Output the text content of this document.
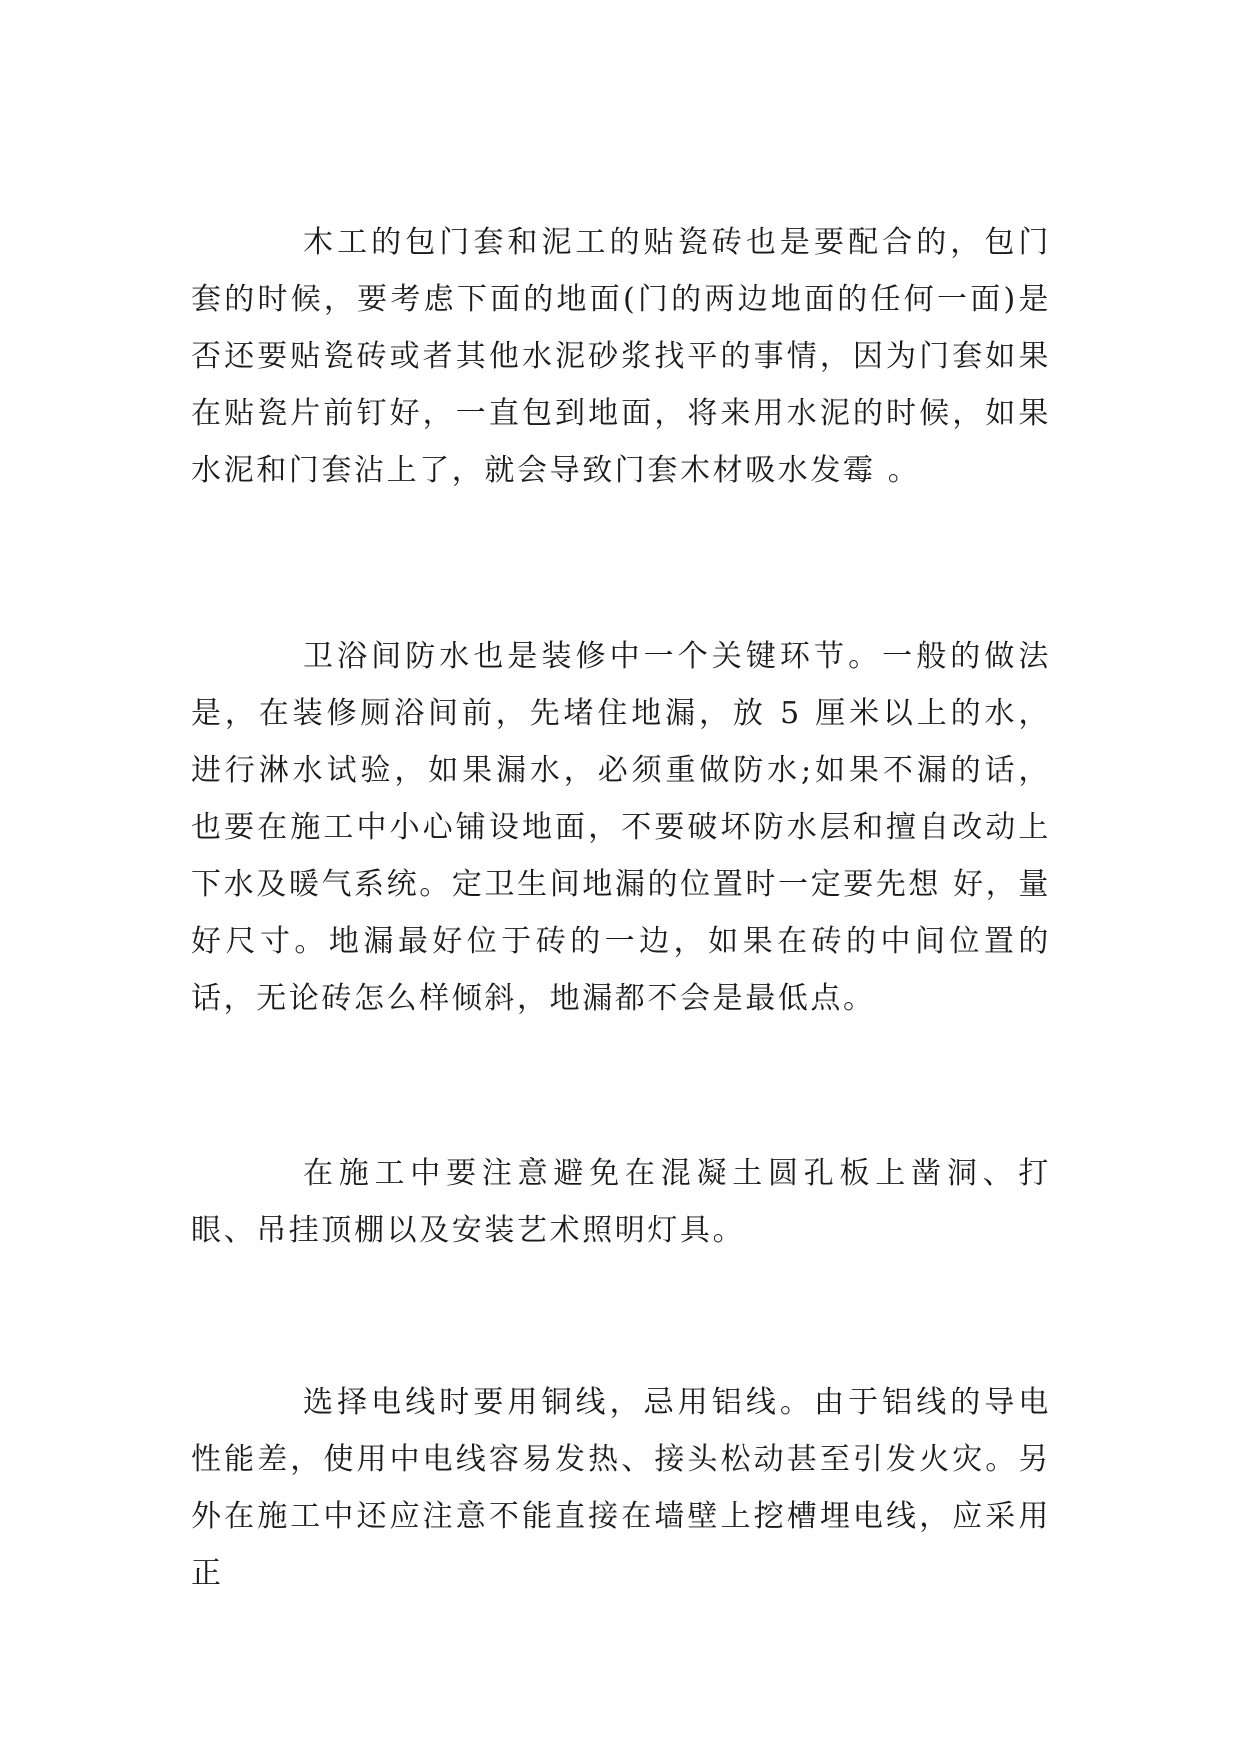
木工的包门套和泥工的贴瓷砖也是要配合的，包门套的时候，要考虑下面的地面(门的两边地面的任何一面)是否还要贴瓷砖或者其他水泥砂浆找平的事情，因为门套如果在贴瓷片前钉好，一直包到地面，将来用水泥的时候，如果水泥和门套沾上了，就会导致门套木材吸水发霉 。

卫浴间防水也是装修中一个关键环节。一般的做法是，在装修厕浴间前，先堵住地漏，放 5 厘米以上的水，进行淋水试验，如果漏水，必须重做防水;如果不漏的话，也要在施工中小心铺设地面，不要破坏防水层和擅自改动上下水及暖气系统。定卫生间地漏的位置时一定要先想 好，量好尺寸。地漏最好位于砖的一边，如果在砖的中间位置的话，无论砖怎么样倾斜，地漏都不会是最低点。

在施工中要注意避免在混凝土圆孔板上凿洞、打眼、吊挂顶棚以及安装艺术照明灯具。

选择电线时要用铜线，忌用铝线。由于铝线的导电性能差，使用中电线容易发热、接头松动甚至引发火灾。另外在施工中还应注意不能直接在墙壁上挖槽埋电线，应采用正
